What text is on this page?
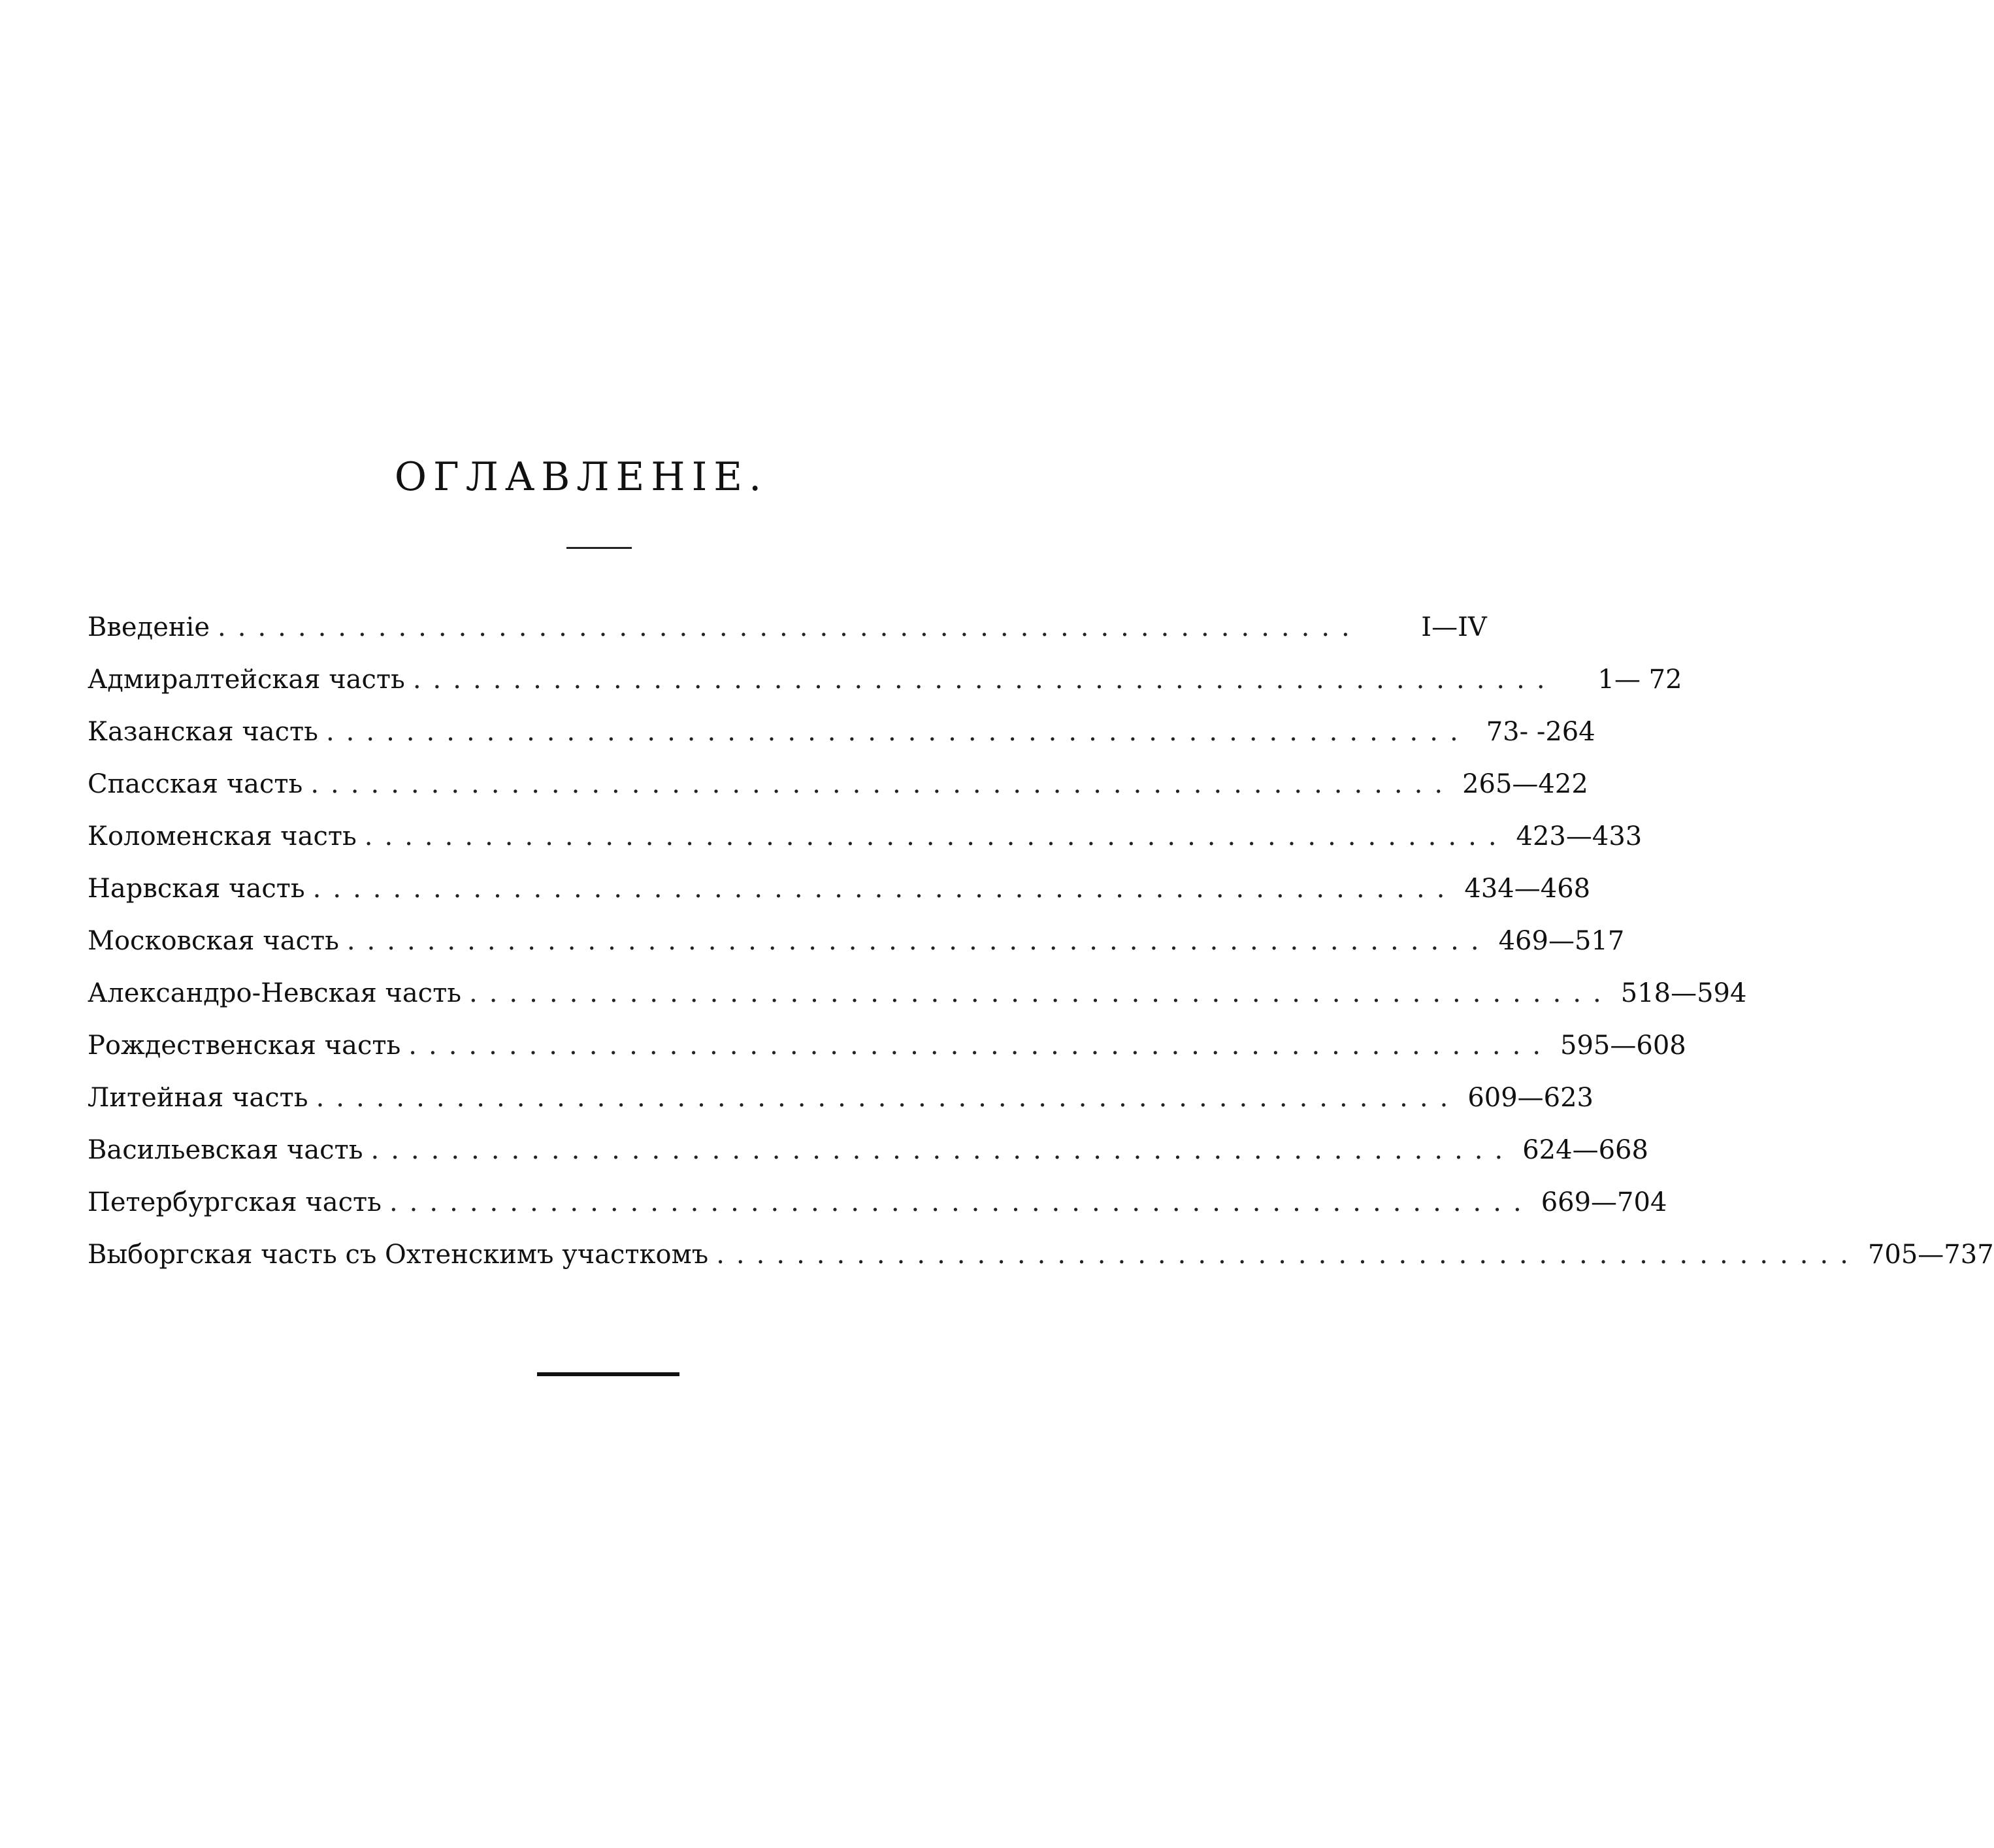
ОГЛАВЛЕНІЕ.
Введеніе .........................................................	I—IV
Адмиралтейская часть .........................................................	1— 72
Казанская часть ......................................................... 73- -264
Спасская часть ......................................................... 265—422
Коломенская часть ......................................................... 423—433
Нарвская часть ......................................................... 434—468
Московская часть ......................................................... 469—517
Александро-Невская часть ......................................................... 518—594
Рождественская часть ......................................................... 595—608
Литейная часть ......................................................... 609—623
Васильевская часть ......................................................... 624—668
Петербургская часть ......................................................... 669—704
Выборгская часть съ Охтенскимъ участкомъ ......................................................... 705—737
